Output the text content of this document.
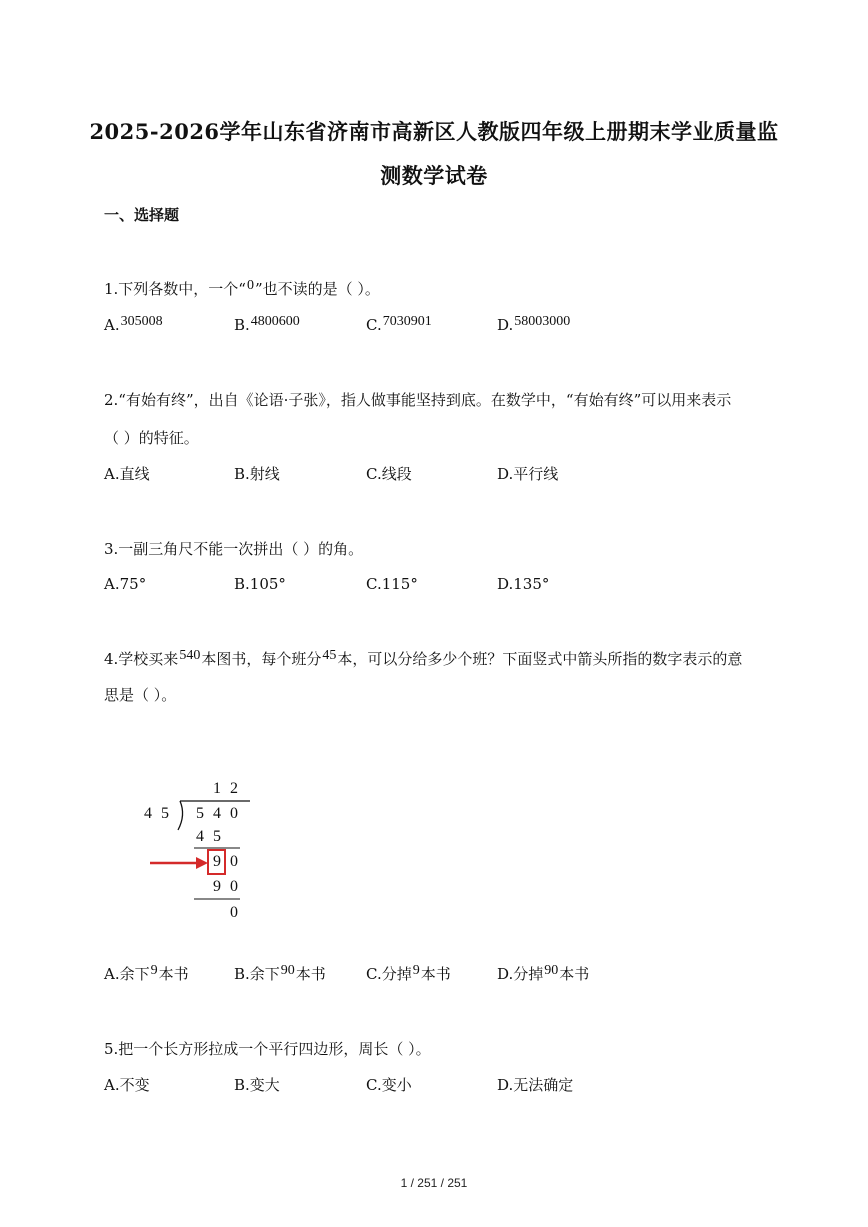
2025-2026学年山东省济南市高新区人教版四年级上册期末学业质量监
测数学试卷
一、选择题
1.下列各数中，一个“0”也不读的是（ ）。
A.305008	B.4800600	C.7030901	D.58003000
2.“有始有终”，出自《论语·子张》，指人做事能坚持到底。在数学中，“有始有终”可以用来表示
（ ）的特征。
A.直线	B.射线	C.线段	D.平行线
3.一副三角尺不能一次拼出（ ）的角。
A.75°	B.105°	C.115°	D.135°
4.学校买来540本图书，每个班分45本，可以分给多少个班？下面竖式中箭头所指的数字表示的意
思是（ ）。
1 2
4 5 5 4 0
4 5
9 0
9 0
0
A.余下9本书	B.余下90本书	C.分掉9本书	D.分掉90本书
5.把一个长方形拉成一个平行四边形，周长（ ）。
A.不变	B.变大	C.变小	D.无法确定
1 / 251 / 251
